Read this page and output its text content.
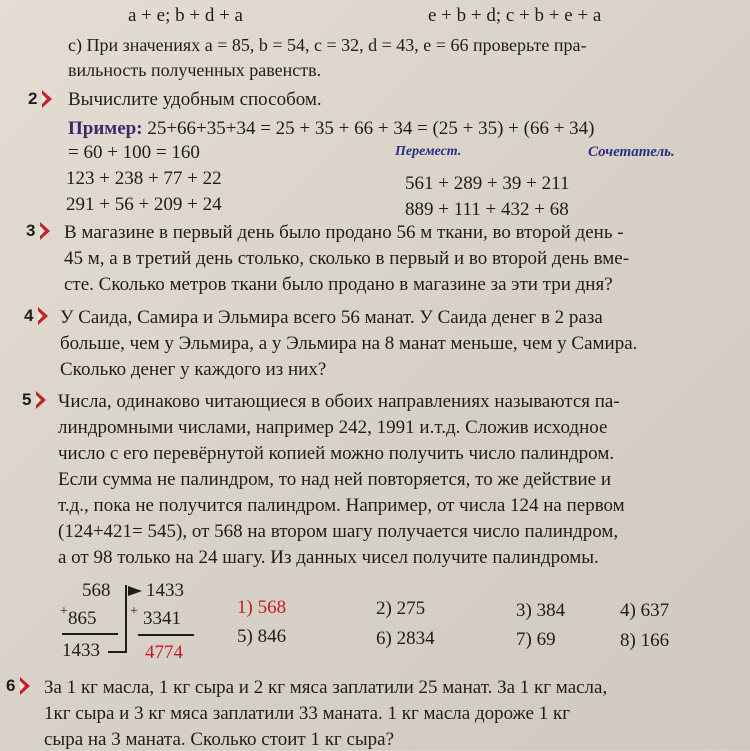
a + e; b + d + a	e + b + d; c + b + e + a
c) При значениях a = 85, b = 54, c = 32, d = 43, e = 66 проверьте пра-
вильность полученных равенств.
2 Вычислите удобным способом.
Пример: 25+66+35+34 = 25 + 35 + 66 + 34 = (25 + 35) + (66 + 34)
= 60 + 100 = 160	Перемест.	Сочетатель.
123 + 238 + 77 + 22
291 + 56 + 209 + 24
561 + 289 + 39 + 211
889 + 111 + 432 + 68
3 В магазине в первый день было продано 56 м ткани, во второй день -
45 м, а в третий день столько, сколько в первый и во второй день вме-
сте. Сколько метров ткани было продано в магазине за эти три дня?
4 У Саида, Самира и Эльмира всего 56 манат. У Саида денег в 2 раза
больше, чем у Эльмира, а у Эльмира на 8 манат меньше, чем у Самира.
Сколько денег у каждого из них?
5 Числа, одинаково читающиеся в обоих направлениях называются па-
линдромными числами, например 242, 1991 и.т.д. Сложив исходное
число с его перевёрнутой копией можно получить число палиндром.
Если сумма не палиндром, то над ней повторяется, то же действие и
т.д., пока не получится палиндром. Например, от числа 124 на первом
(124+421= 545), от 568 на втором шагу получается число палиндром,
а от 98 только на 24 шагу. Из данных чисел получите палиндромы.
568
+ 865
1433
1433
+ 3341
4774
1) 568	2) 275	3) 384	4) 637
5) 846	6) 2834	7) 69	8) 166
6 За 1 кг масла, 1 кг сыра и 2 кг мяса заплатили 25 манат. За 1 кг масла,
1кг сыра и 3 кг мяса заплатили 33 маната. 1 кг масла дороже 1 кг
сыра на 3 маната. Сколько стоит 1 кг сыра?
